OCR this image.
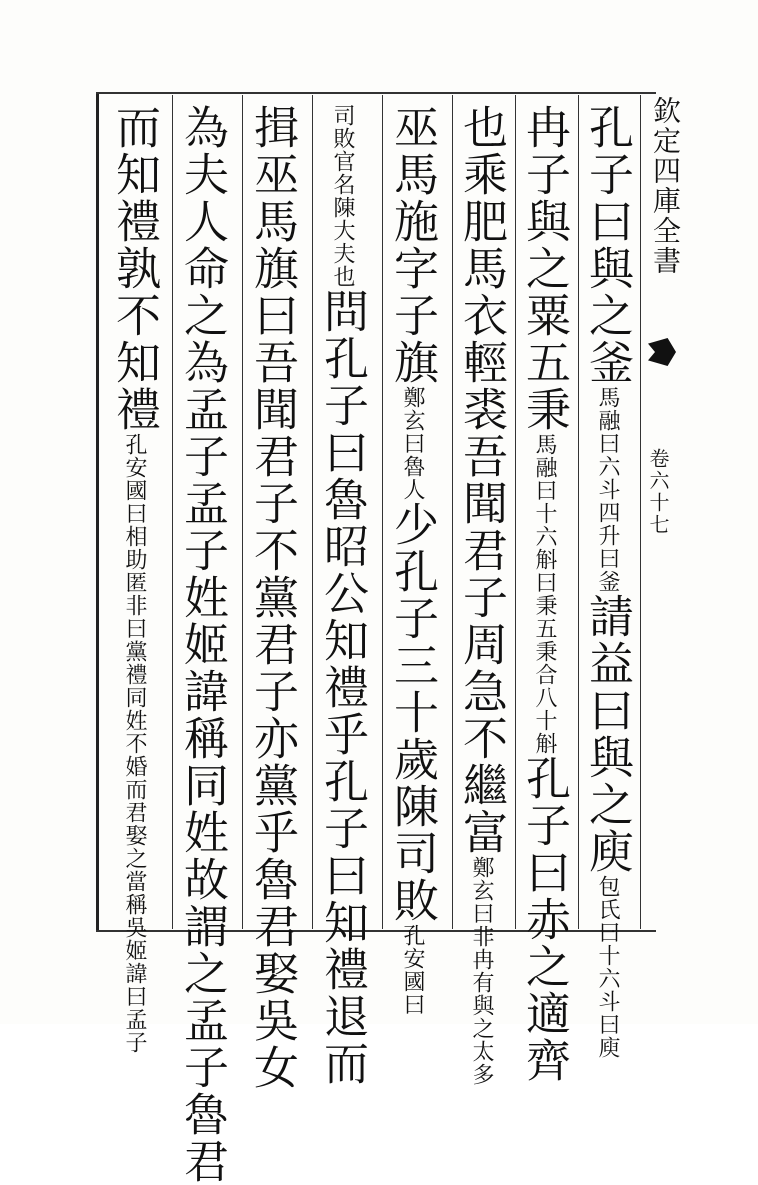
欽定四庫全書
卷六十七
孔子曰與之釜馬融曰六斗四升曰釜請益曰與之庾包氏曰十六斗曰庾
冉子與之粟五秉馬融曰十六斛曰秉五秉合八十斛孔子曰赤之適齊
也乘肥馬衣輕裘吾聞君子周急不繼富鄭玄曰非冉有與之太多
巫馬施字子旗鄭玄曰魯人少孔子三十歲陳司敗孔安國曰
司敗官名陳大夫也問孔子曰魯昭公知禮乎孔子曰知禮退而
揖巫馬旗曰吾聞君子不黨君子亦黨乎魯君娶吳女
為夫人命之為孟子孟子姓姬諱稱同姓故謂之孟子魯君
而知禮孰不知禮孔安國曰相助匿非曰黨禮同姓不婚而君娶之當稱吳姬諱曰孟子
